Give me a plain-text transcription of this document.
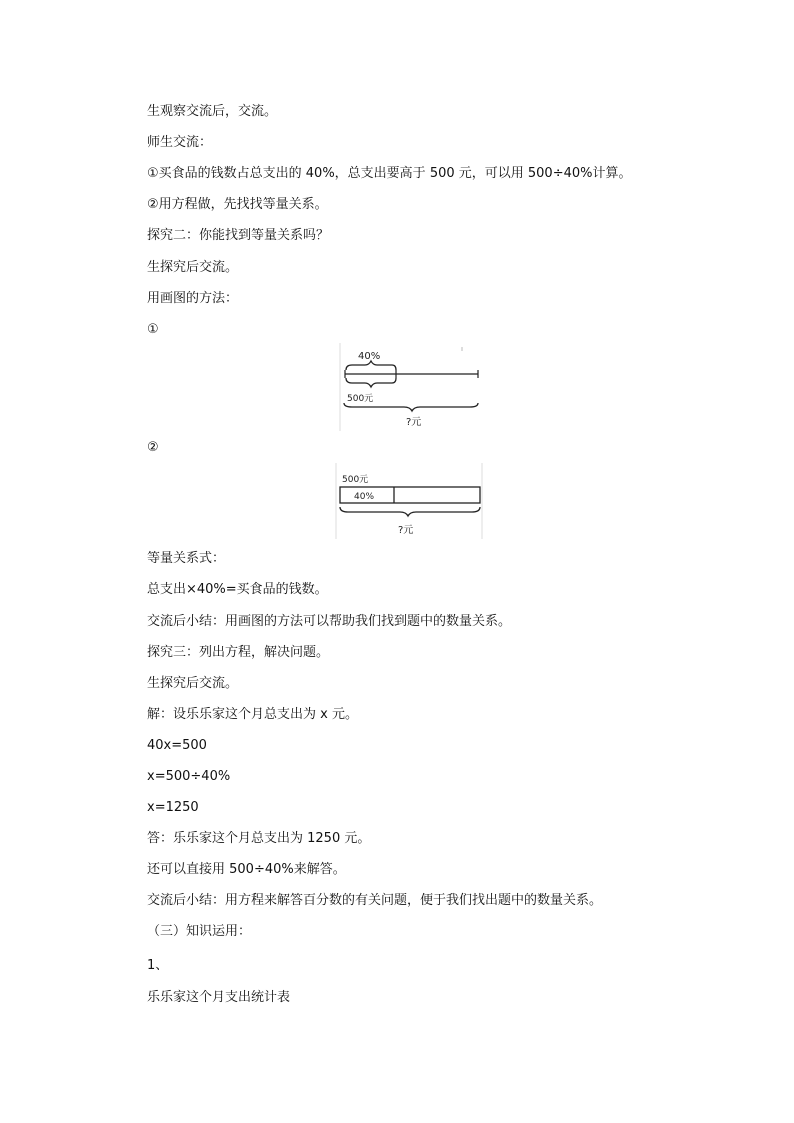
生观察交流后，交流。
师生交流：
①买食品的钱数占总支出的 40%，总支出要高于 500 元，可以用 500÷40%计算。
②用方程做，先找找等量关系。
探究二：你能找到等量关系吗？
生探究后交流。
用画图的方法：
①
40%
500元
?元
②
500元
40%
?元
等量关系式：
总支出×40%=买食品的钱数。
交流后小结：用画图的方法可以帮助我们找到题中的数量关系。
探究三：列出方程，解决问题。
生探究后交流。
解：设乐乐家这个月总支出为 x 元。
40x=500
x=500÷40%
x=1250
答：乐乐家这个月总支出为 1250 元。
还可以直接用 500÷40%来解答。
交流后小结：用方程来解答百分数的有关问题，便于我们找出题中的数量关系。
（三）知识运用：
1、
乐乐家这个月支出统计表
